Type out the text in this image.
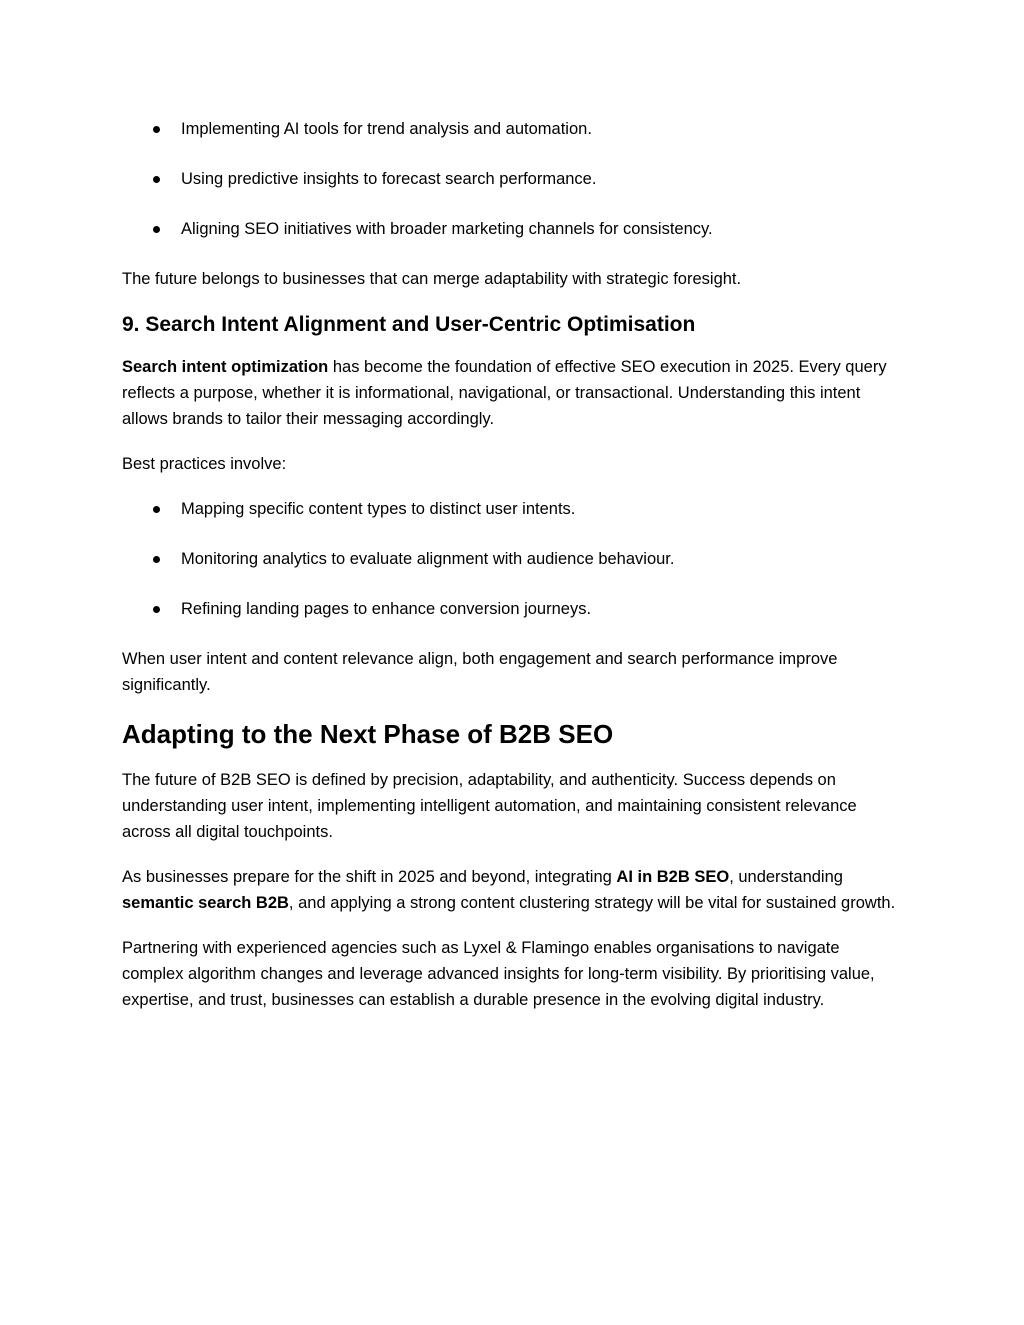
Implementing AI tools for trend analysis and automation.
Using predictive insights to forecast search performance.
Aligning SEO initiatives with broader marketing channels for consistency.

The future belongs to businesses that can merge adaptability with strategic foresight.

9. Search Intent Alignment and User-Centric Optimisation

Search intent optimization has become the foundation of effective SEO execution in 2025. Every query reflects a purpose, whether it is informational, navigational, or transactional. Understanding this intent allows brands to tailor their messaging accordingly.

Best practices involve:

Mapping specific content types to distinct user intents.
Monitoring analytics to evaluate alignment with audience behaviour.
Refining landing pages to enhance conversion journeys.

When user intent and content relevance align, both engagement and search performance improve significantly.

Adapting to the Next Phase of B2B SEO

The future of B2B SEO is defined by precision, adaptability, and authenticity. Success depends on understanding user intent, implementing intelligent automation, and maintaining consistent relevance across all digital touchpoints.

As businesses prepare for the shift in 2025 and beyond, integrating AI in B2B SEO, understanding semantic search B2B, and applying a strong content clustering strategy will be vital for sustained growth.

Partnering with experienced agencies such as Lyxel & Flamingo enables organisations to navigate complex algorithm changes and leverage advanced insights for long-term visibility. By prioritising value, expertise, and trust, businesses can establish a durable presence in the evolving digital industry.
